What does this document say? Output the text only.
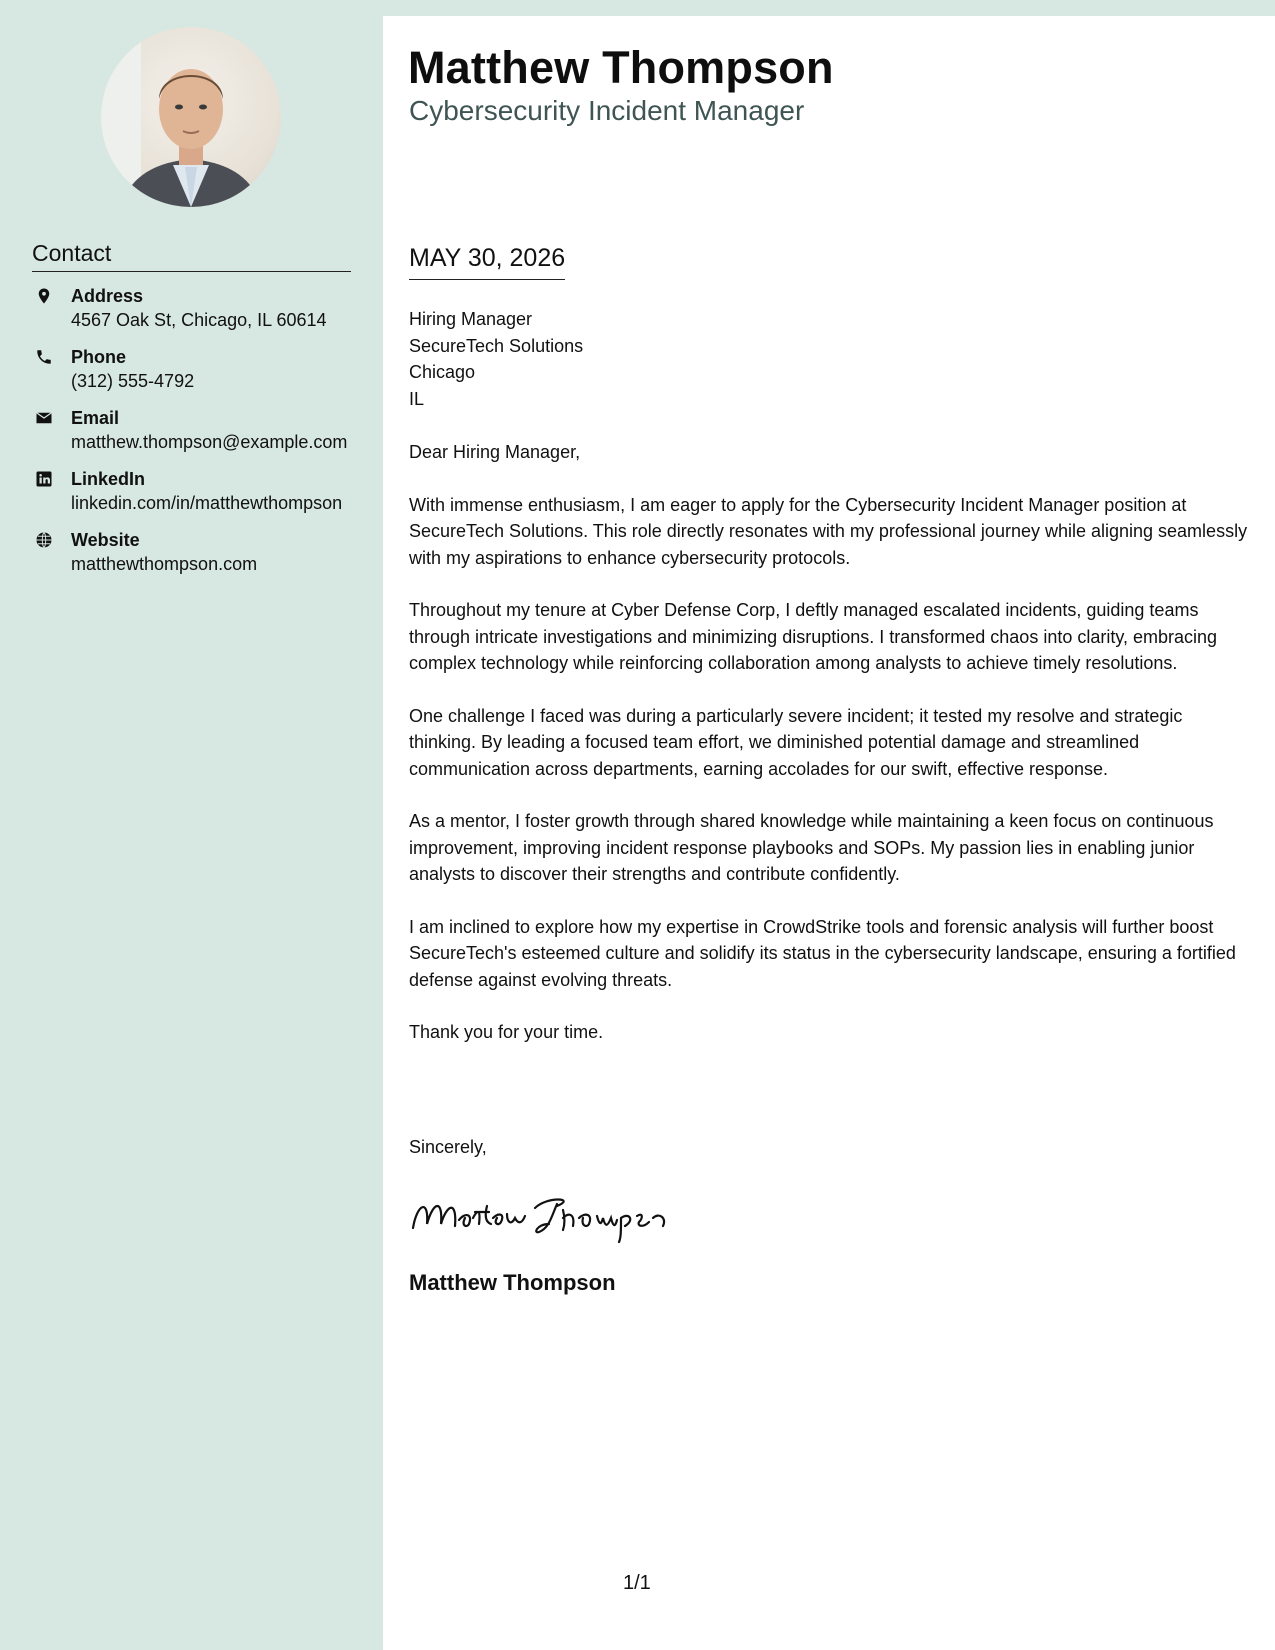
Contact
Address
4567 Oak St, Chicago, IL 60614
Phone
(312) 555-4792
Email
matthew.thompson@example.com
LinkedIn
linkedin.com/in/matthewthompson
Website
matthewthompson.com
Matthew Thompson
Cybersecurity Incident Manager
MAY 30, 2026
Hiring Manager
SecureTech Solutions
Chicago
IL

Dear Hiring Manager,

With immense enthusiasm, I am eager to apply for the Cybersecurity Incident Manager position at SecureTech Solutions. This role directly resonates with my professional journey while aligning seamlessly with my aspirations to enhance cybersecurity protocols.

Throughout my tenure at Cyber Defense Corp, I deftly managed escalated incidents, guiding teams through intricate investigations and minimizing disruptions. I transformed chaos into clarity, embracing complex technology while reinforcing collaboration among analysts to achieve timely resolutions.

One challenge I faced was during a particularly severe incident; it tested my resolve and strategic thinking. By leading a focused team effort, we diminished potential damage and streamlined communication across departments, earning accolades for our swift, effective response.

As a mentor, I foster growth through shared knowledge while maintaining a keen focus on continuous improvement, improving incident response playbooks and SOPs. My passion lies in enabling junior analysts to discover their strengths and contribute confidently.

I am inclined to explore how my expertise in CrowdStrike tools and forensic analysis will further boost SecureTech's esteemed culture and solidify its status in the cybersecurity landscape, ensuring a fortified defense against evolving threats.

Thank you for your time.

Sincerely,
Matthew Thompson
1/1
